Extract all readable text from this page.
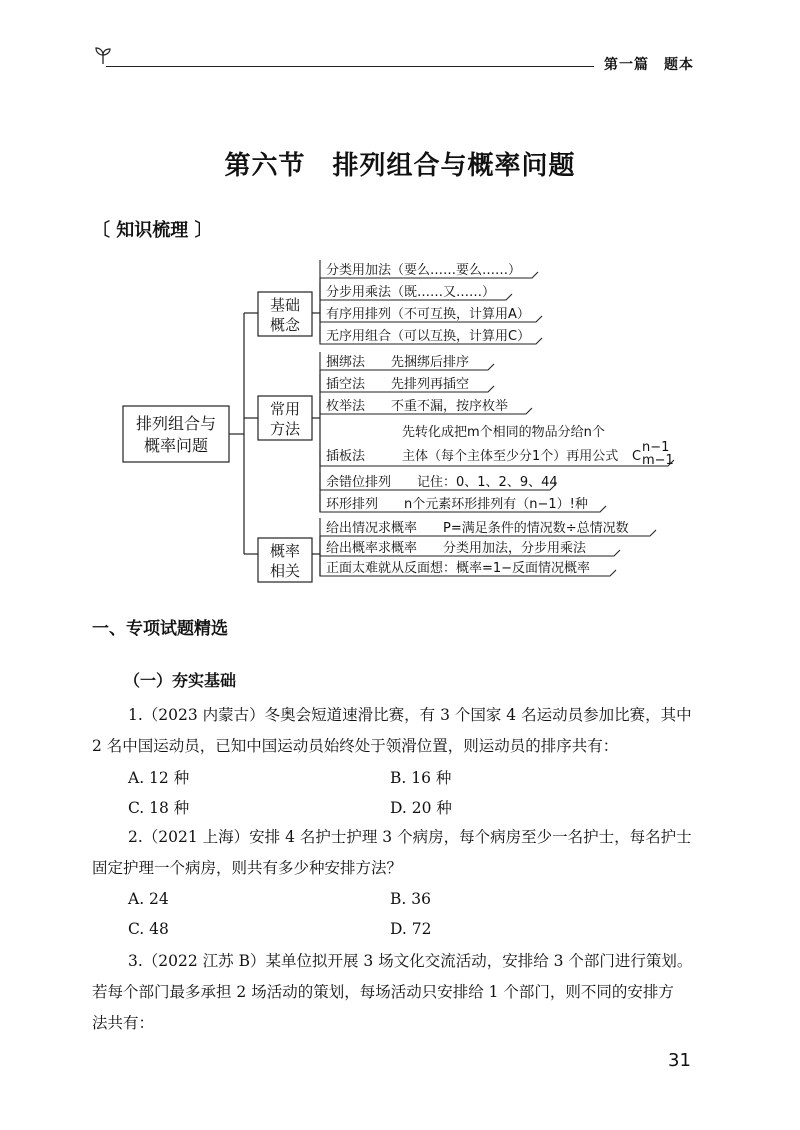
第一篇　题本
第六节　排列组合与概率问题
〔 知识梳理 〕
排列组合与
概率问题
基础
概念
常用
方法
概率
相关
分类用加法（要么……要么……）
分步用乘法（既……又……）
有序用排列（不可互换，计算用A）
无序用组合（可以互换，计算用C）
捆绑法　　先捆绑后排序
插空法　　先排列再插空
枚举法　　不重不漏，按序枚举
余错位排列　　记住：0、1、2、9、44
环形排列　　n个元素环形排列有（n−1）!种
先转化成把m个相同的物品分给n个
插板法	主体（每个主体至少分1个）再用公式 C
n−1
m−1
给出情况求概率　　P=满足条件的情况数÷总情况数
给出概率求概率　　分类用加法，分步用乘法
正面太难就从反面想：概率=1−反面情况概率
一、专项试题精选
（一）夯实基础
1.（2023 内蒙古）冬奥会短道速滑比赛，有 3 个国家 4 名运动员参加比赛，其中
2 名中国运动员，已知中国运动员始终处于领滑位置，则运动员的排序共有：
A. 12 种	B. 16 种
C. 18 种	D. 20 种
2.（2021 上海）安排 4 名护士护理 3 个病房，每个病房至少一名护士，每名护士
固定护理一个病房，则共有多少种安排方法？
A. 24	B. 36
C. 48	D. 72
3.（2022 江苏 B）某单位拟开展 3 场文化交流活动，安排给 3 个部门进行策划。
若每个部门最多承担 2 场活动的策划，每场活动只安排给 1 个部门，则不同的安排方
法共有：
31
